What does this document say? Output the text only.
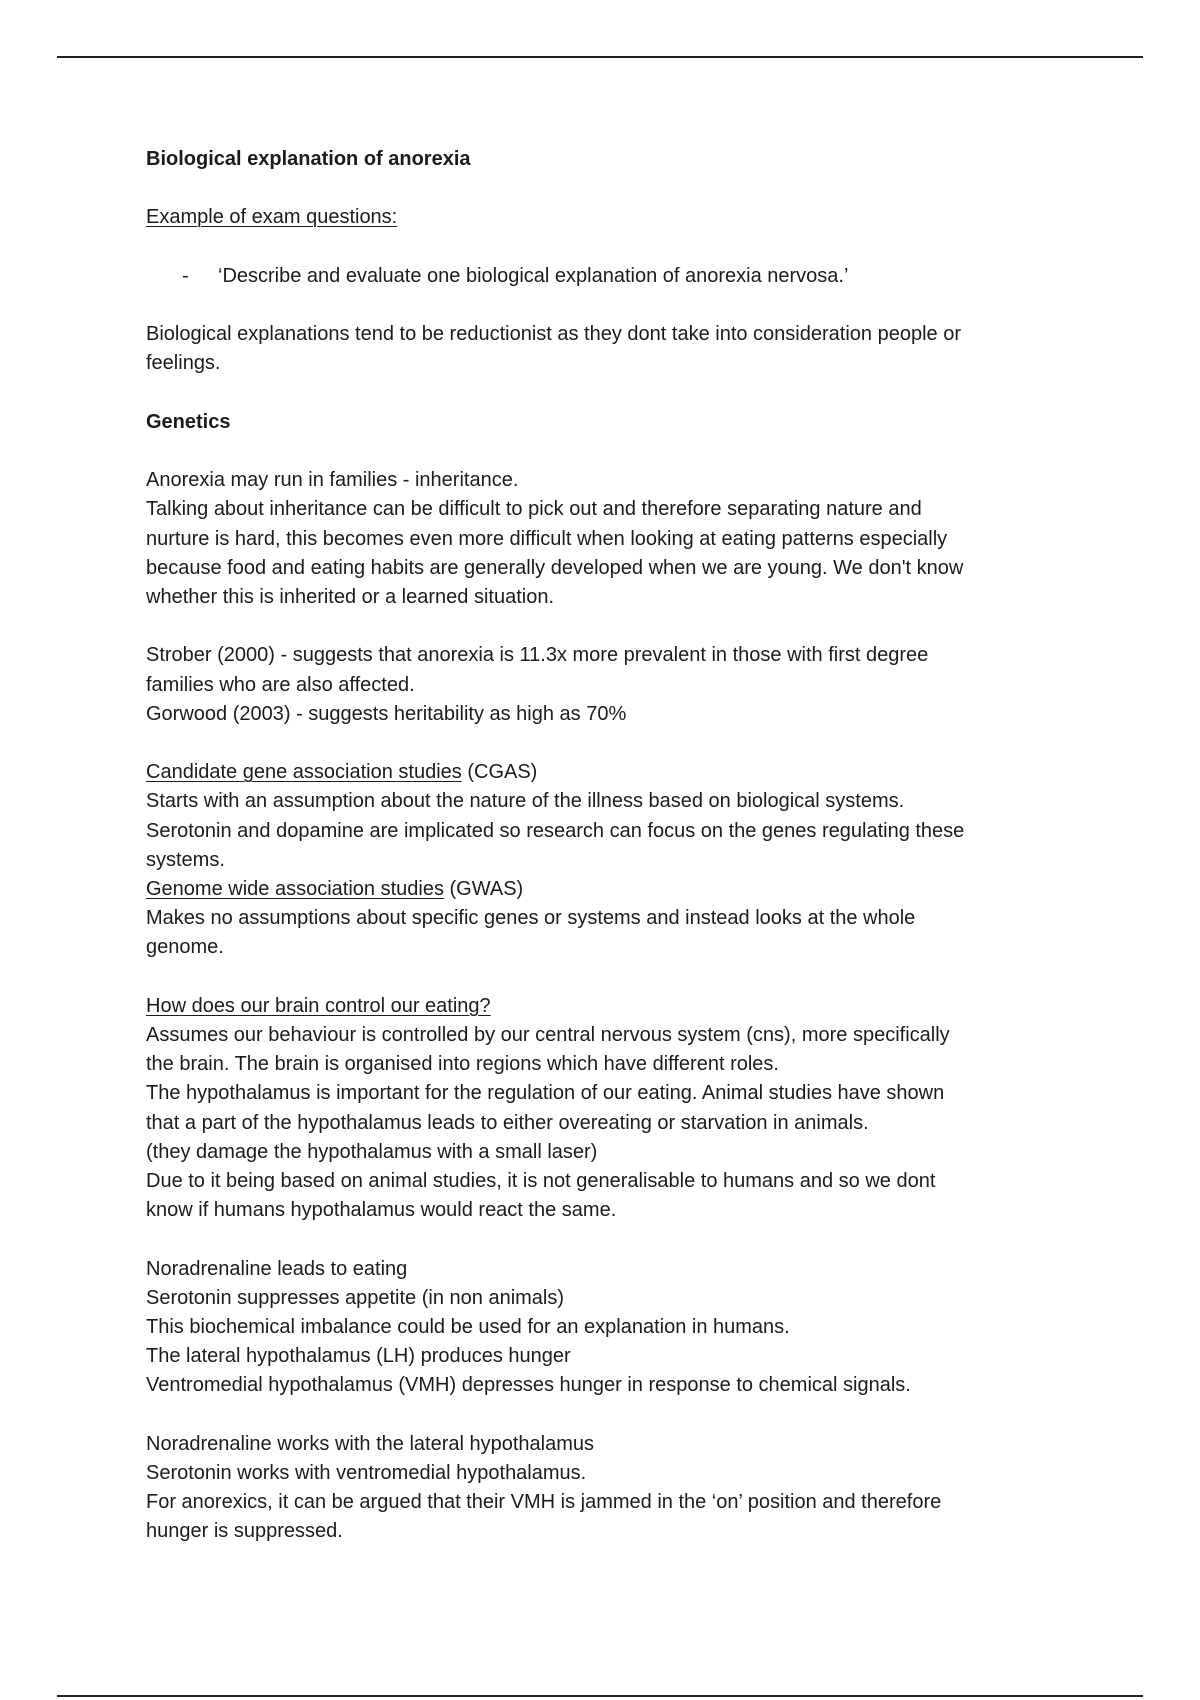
Biological explanation of anorexia

Example of exam questions:

- ‘Describe and evaluate one biological explanation of anorexia nervosa.’

Biological explanations tend to be reductionist as they dont take into consideration people or

feelings.

Genetics

Anorexia may run in families - inheritance.

Talking about inheritance can be difficult to pick out and therefore separating nature and

nurture is hard, this becomes even more difficult when looking at eating patterns especially

because food and eating habits are generally developed when we are young. We don't know

whether this is inherited or a learned situation.

Strober (2000) - suggests that anorexia is 11.3x more prevalent in those with first degree

families who are also affected.

Gorwood (2003) - suggests heritability as high as 70%

Candidate gene association studies (CGAS)

Starts with an assumption about the nature of the illness based on biological systems.

Serotonin and dopamine are implicated so research can focus on the genes regulating these

systems.

Genome wide association studies (GWAS)

Makes no assumptions about specific genes or systems and instead looks at the whole

genome.

How does our brain control our eating?

Assumes our behaviour is controlled by our central nervous system (cns), more specifically

the brain. The brain is organised into regions which have different roles.

The hypothalamus is important for the regulation of our eating. Animal studies have shown

that a part of the hypothalamus leads to either overeating or starvation in animals.

(they damage the hypothalamus with a small laser)

Due to it being based on animal studies, it is not generalisable to humans and so we dont

know if humans hypothalamus would react the same.

Noradrenaline leads to eating

Serotonin suppresses appetite (in non animals)

This biochemical imbalance could be used for an explanation in humans.

The lateral hypothalamus (LH) produces hunger

Ventromedial hypothalamus (VMH) depresses hunger in response to chemical signals.

Noradrenaline works with the lateral hypothalamus

Serotonin works with ventromedial hypothalamus.

For anorexics, it can be argued that their VMH is jammed in the ‘on’ position and therefore

hunger is suppressed.
